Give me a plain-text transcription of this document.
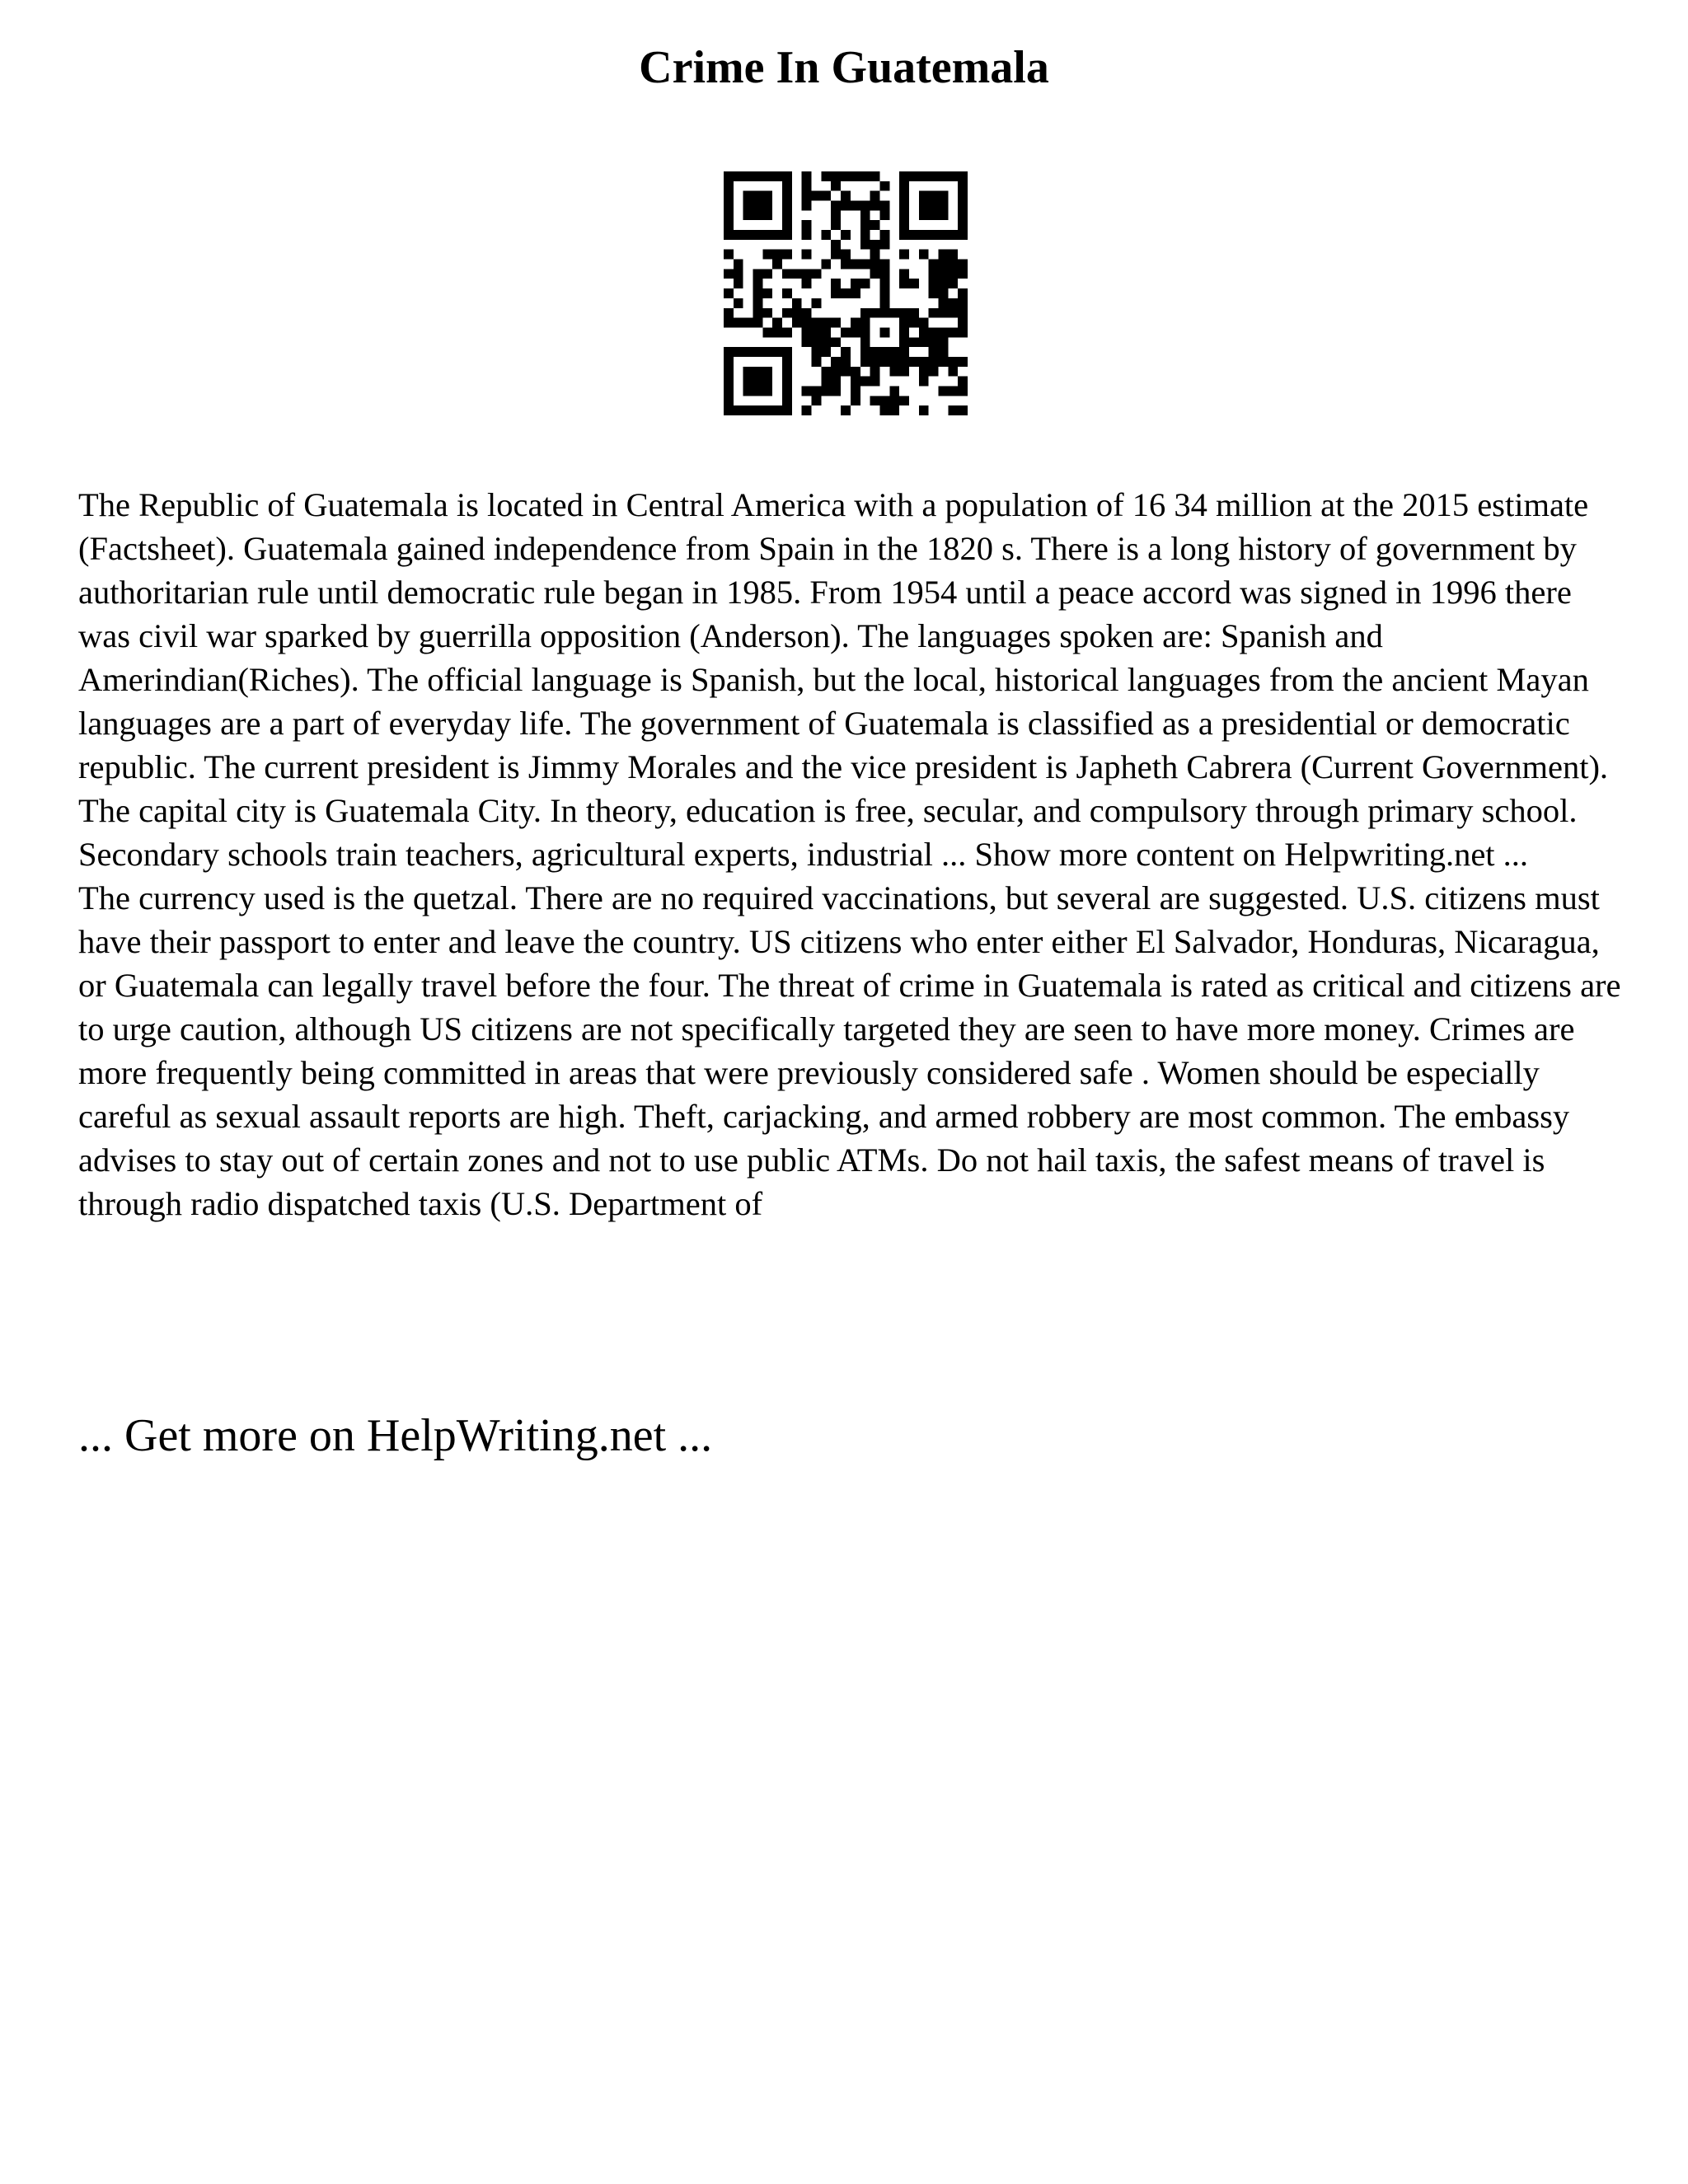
Crime In Guatemala

The Republic of Guatemala is located in Central America with a population of 16 34 million at the 2015 estimate (Factsheet). Guatemala gained independence from Spain in the 1820 s. There is a long history of government by authoritarian rule until democratic rule began in 1985. From 1954 until a peace accord was signed in 1996 there was civil war sparked by guerrilla opposition (Anderson). The languages spoken are: Spanish and Amerindian(Riches). The official language is Spanish, but the local, historical languages from the ancient Mayan languages are a part of everyday life. The government of Guatemala is classified as a presidential or democratic republic. The current president is Jimmy Morales and the vice president is Japheth Cabrera (Current Government). The capital city is Guatemala City. In theory, education is free, secular, and compulsory through primary school. Secondary schools train teachers, agricultural experts, industrial ... Show more content on Helpwriting.net ...

The currency used is the quetzal. There are no required vaccinations, but several are suggested. U.S. citizens must have their passport to enter and leave the country. US citizens who enter either El Salvador, Honduras, Nicaragua, or Guatemala can legally travel before the four. The threat of crime in Guatemala is rated as critical and citizens are to urge caution, although US citizens are not specifically targeted they are seen to have more money. Crimes are more frequently being committed in areas that were previously considered safe . Women should be especially careful as sexual assault reports are high. Theft, carjacking, and armed robbery are most common. The embassy advises to stay out of certain zones and not to use public ATMs. Do not hail taxis, the safest means of travel is through radio dispatched taxis (U.S. Department of

... Get more on HelpWriting.net ...
